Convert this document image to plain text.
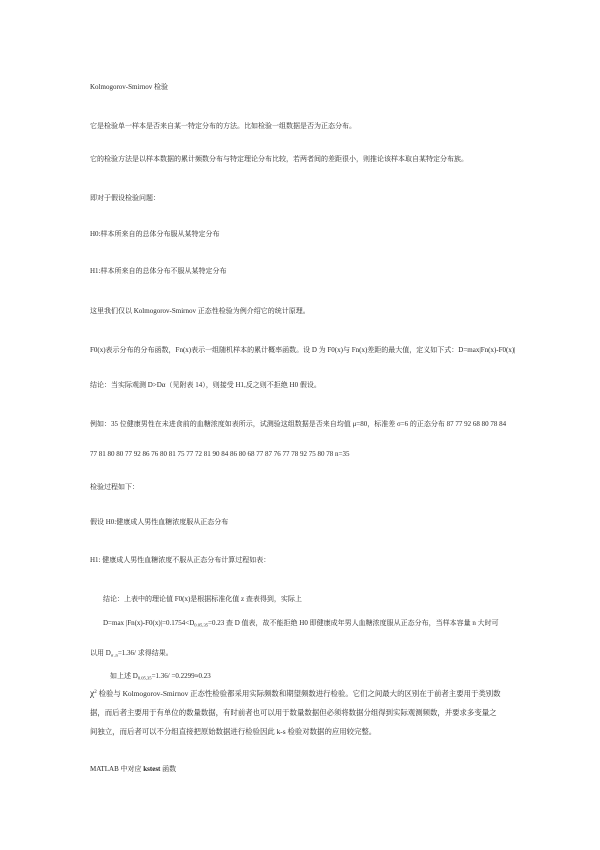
Kolmogorov-Smirnov 检验
它是检验单一样本是否来自某一特定分布的方法。比如检验一组数据是否为正态分布。
它的检验方法是以样本数据的累计频数分布与特定理论分布比较，若两者间的差距很小，则推论该样本取自某特定分布族。
即对于假设检验问题：
H0:样本所来自的总体分布服从某特定分布
H1:样本所来自的总体分布不服从某特定分布
这里我们仅以 Kolmogorov-Smirnov 正态性检验为例介绍它的统计原理。
F0(x)表示分布的分布函数，Fn(x)表示一组随机样本的累计概率函数。设 D 为 F0(x)与 Fn(x)差距的最大值，定义如下式：D=max|Fn(x)-F0(x)|
结论：当实际观测 D>Dα（见附表 14），则接受 H1,反之则不拒绝 H0 假设。
例如：35 位健康男性在未进食前的血糖浓度如表所示，试测验这组数据是否来自均值 μ=80，标准差 σ=6 的正态分布 87 77 92 68 80 78 84
77 81 80 80 77 92 86 76 80 81 75 77 72 81 90 84 86 80 68 77 87 76 77 78 92 75 80 78 n=35
检验过程如下：
假设 H0:健康成人男性血糖浓度服从正态分布
H1: 健康成人男性血糖浓度不服从正态分布计算过程如表：
结论：上表中的理论值 F0(x)是根据标准化值 z 查表得到，实际上
D=max $|Fn(x)-F0(x)|=0.1754<D_{0.05,35}=0.23$ 查 D 值表，故不能拒绝 H0 即健康成年男人血糖浓度服从正态分布，当样本容量 n 大时可
以用 $D_{\alpha ,n}=1.36/$ 求得结果。
如上述 $D_{0.05,35}=1.36/ =0.2299\approx 0.23$
$\chi^2$ 检验与 Kolmogorov-Smirnov 正态性检验都采用实际频数和期望频数进行检验。它们之间最大的区别在于前者主要用于类别数
据，而后者主要用于有单位的数量数据，有时前者也可以用于数量数据但必须将数据分组得到实际观测频数，并要求多变量之
间独立，而后者可以不分组直接把原始数据进行检验因此 k-s 检验对数据的应用较完整。
MATLAB 中对应 kstest 函数
